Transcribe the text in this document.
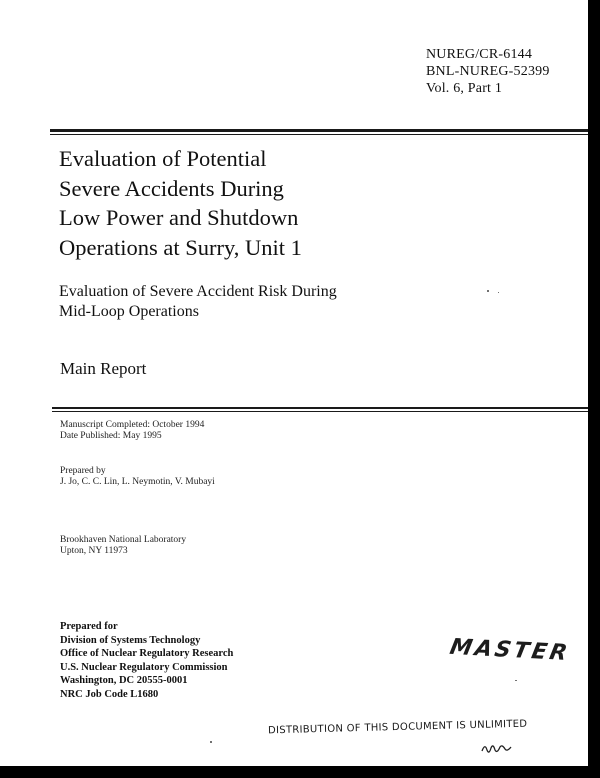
NUREG/CR-6144
BNL-NUREG-52399
Vol. 6, Part 1
Evaluation of Potential
Severe Accidents During
Low Power and Shutdown
Operations at Surry, Unit 1
Evaluation of Severe Accident Risk During
Mid-Loop Operations
Main Report
Manuscript Completed: October 1994
Date Published: May 1995
Prepared by
J. Jo, C. C. Lin, L. Neymotin, V. Mubayi
Brookhaven National Laboratory
Upton, NY 11973
Prepared for
Division of Systems Technology
Office of Nuclear Regulatory Research
U.S. Nuclear Regulatory Commission
Washington, DC 20555-0001
NRC Job Code L1680
MASTER
DISTRIBUTION OF THIS DOCUMENT IS UNLIMITED
